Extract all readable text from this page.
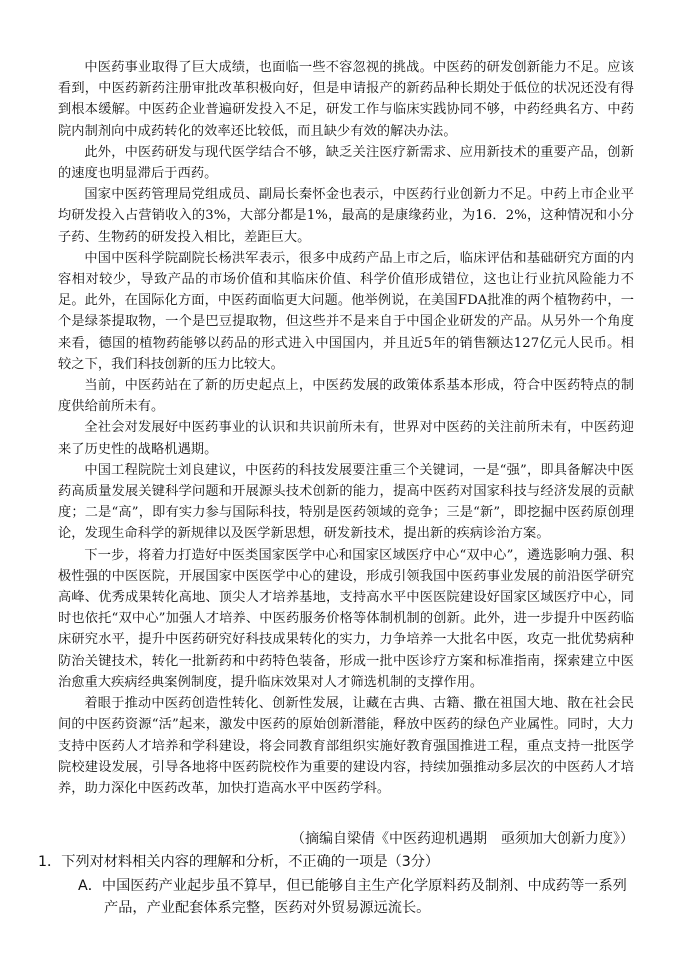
中医药事业取得了巨大成绩，也面临一些不容忽视的挑战。中医药的研发创新能力不足。应该看到，中医药新药注册审批改革积极向好，但是申请报产的新药品种长期处于低位的状况还没有得到根本缓解。中医药企业普遍研发投入不足，研发工作与临床实践协同不够，中药经典名方、中药院内制剂向中成药转化的效率还比较低，而且缺少有效的解决办法。

此外，中医药研发与现代医学结合不够，缺乏关注医疗新需求、应用新技术的重要产品，创新的速度也明显滞后于西药。

国家中医药管理局党组成员、副局长秦怀金也表示，中医药行业创新力不足。中药上市企业平均研发投入占营销收入的3%，大部分都是1%，最高的是康缘药业，为16．2%，这种情况和小分子药、生物药的研发投入相比，差距巨大。

中国中医科学院副院长杨洪军表示，很多中成药产品上市之后，临床评估和基础研究方面的内容相对较少，导致产品的市场价值和其临床价值、科学价值形成错位，这也让行业抗风险能力不足。此外，在国际化方面，中医药面临更大问题。他举例说，在美国FDA批准的两个植物药中，一个是绿茶提取物，一个是巴豆提取物，但这些并不是来自于中国企业研发的产品。从另外一个角度来看，德国的植物药能够以药品的形式进入中国国内，并且近5年的销售额达127亿元人民币。相较之下，我们科技创新的压力比较大。

当前，中医药站在了新的历史起点上，中医药发展的政策体系基本形成，符合中医药特点的制度供给前所未有。

全社会对发展好中医药事业的认识和共识前所未有，世界对中医药的关注前所未有，中医药迎来了历史性的战略机遇期。

中国工程院院士刘良建议，中医药的科技发展要注重三个关键词，一是“强”，即具备解决中医药高质量发展关键科学问题和开展源头技术创新的能力，提高中医药对国家科技与经济发展的贡献度；二是“高”，即有实力参与国际科技，特别是医药领域的竞争；三是“新”，即挖掘中医药原创理论，发现生命科学的新规律以及医学新思想，研发新技术，提出新的疾病诊治方案。

下一步，将着力打造好中医类国家医学中心和国家区域医疗中心“双中心”，遴选影响力强、积极性强的中医医院，开展国家中医医学中心的建设，形成引领我国中医药事业发展的前沿医学研究高峰、优秀成果转化高地、顶尖人才培养基地，支持高水平中医医院建设好国家区域医疗中心，同时也依托“双中心”加强人才培养、中医药服务价格等体制机制的创新。此外，进一步提升中医药临床研究水平，提升中医药研究好科技成果转化的实力，力争培养一大批名中医，攻克一批优势病种防治关键技术，转化一批新药和中药特色装备，形成一批中医诊疗方案和标准指南，探索建立中医治愈重大疾病经典案例制度，提升临床效果对人才筛选机制的支撑作用。

着眼于推动中医药创造性转化、创新性发展，让藏在古典、古籍、撒在祖国大地、散在社会民间的中医药资源“活”起来，激发中医药的原始创新潜能，释放中医药的绿色产业属性。同时，大力支持中医药人才培养和学科建设，将会同教育部组织实施好教育强国推进工程，重点支持一批医学院校建设发展，引导各地将中医药院校作为重要的建设内容，持续加强推动多层次的中医药人才培养，助力深化中医药改革，加快打造高水平中医药学科。

（摘编自梁倩《中医药迎机遇期　亟须加大创新力度》）

1．下列对材料相关内容的理解和分析，不正确的一项是（3分）

A．中国医药产业起步虽不算早，但已能够自主生产化学原料药及制剂、中成药等一系列产品，产业配套体系完整，医药对外贸易源远流长。
